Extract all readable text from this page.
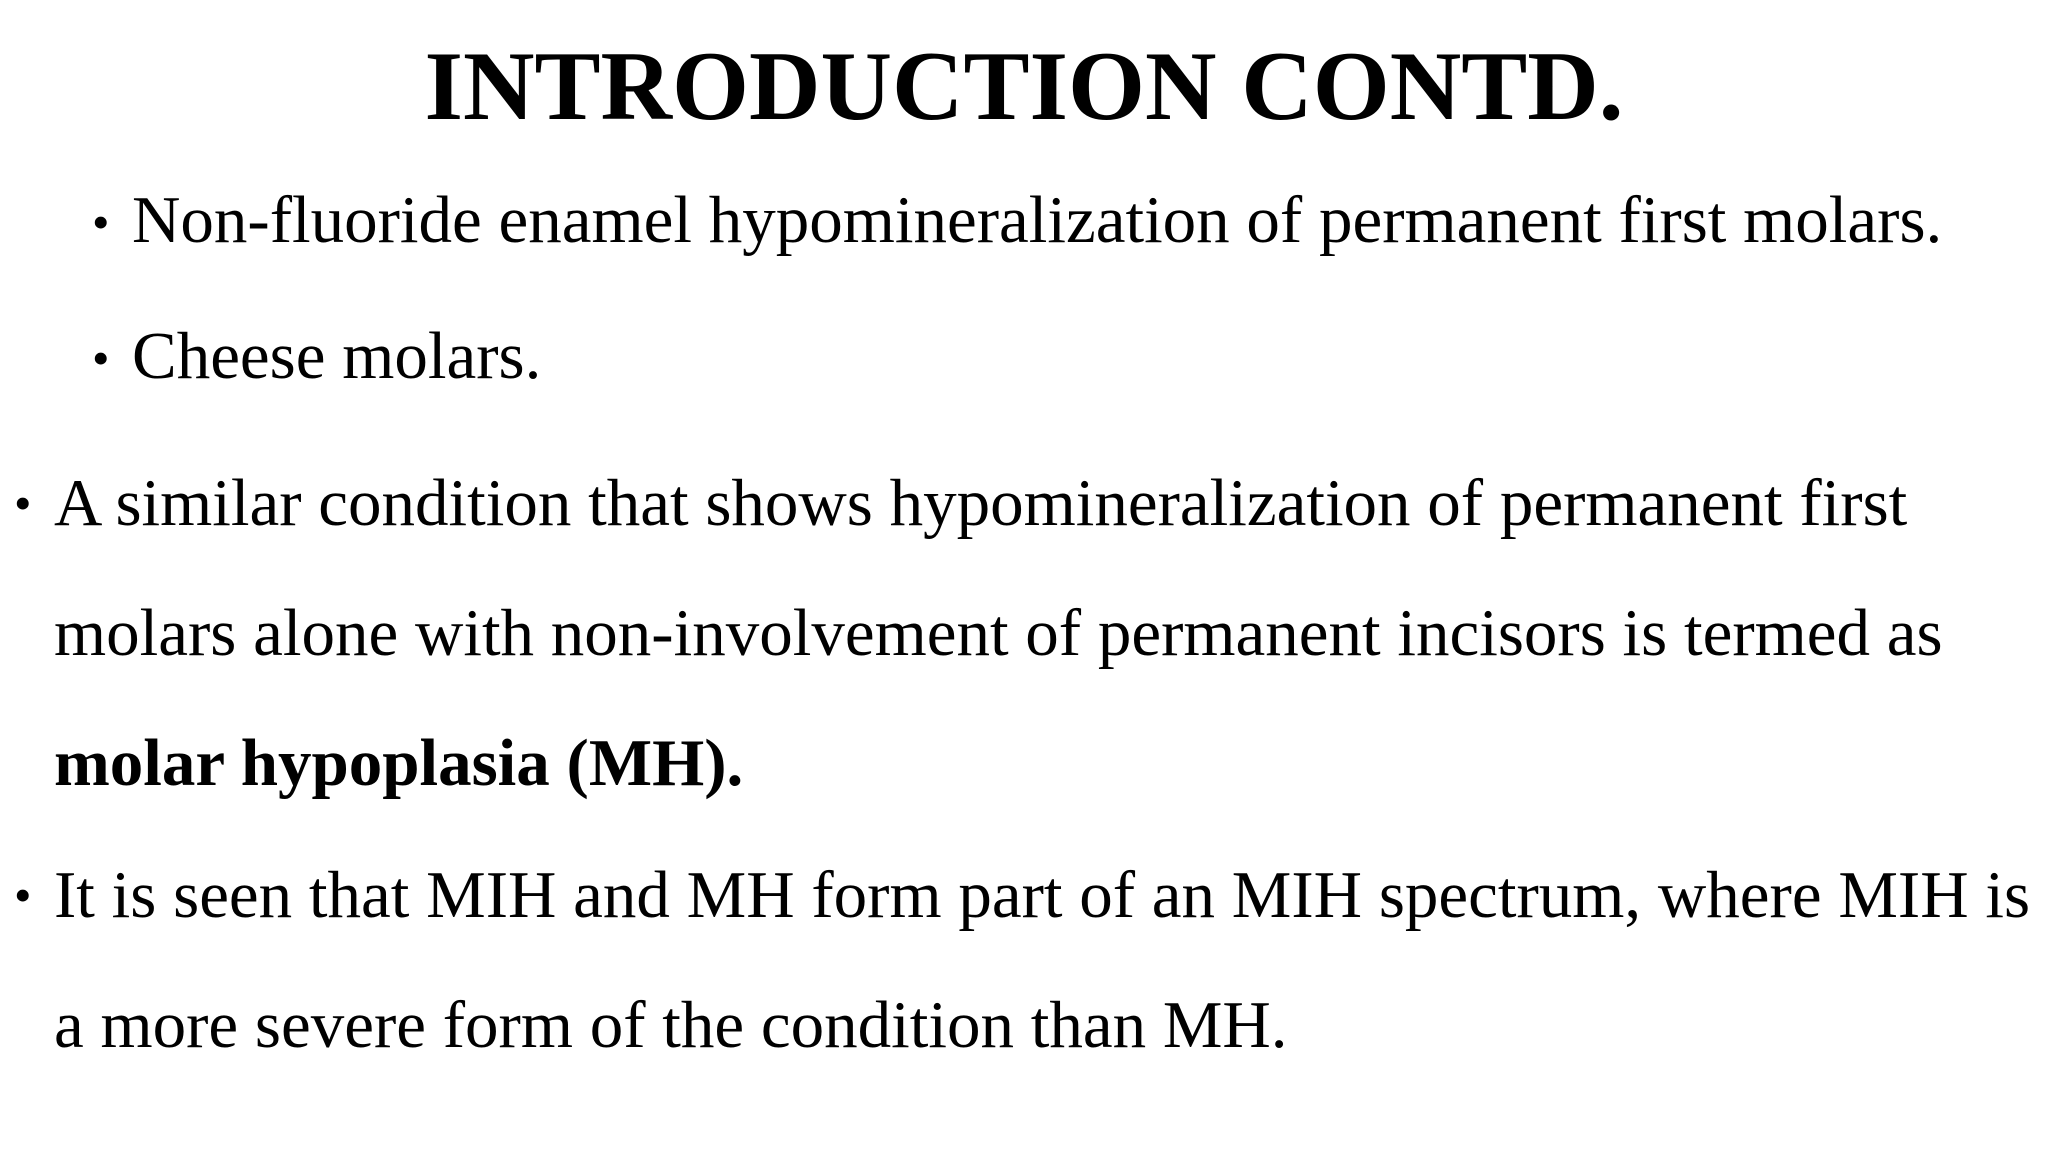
INTRODUCTION CONTD.
• Non-fluoride enamel hypomineralization of permanent first molars.
• Cheese molars.
• A similar condition that shows hypomineralization of permanent first molars alone with non-involvement of permanent incisors is termed as molar hypoplasia (MH).
• It is seen that MIH and MH form part of an MIH spectrum, where MIH is a more severe form of the condition than MH.
